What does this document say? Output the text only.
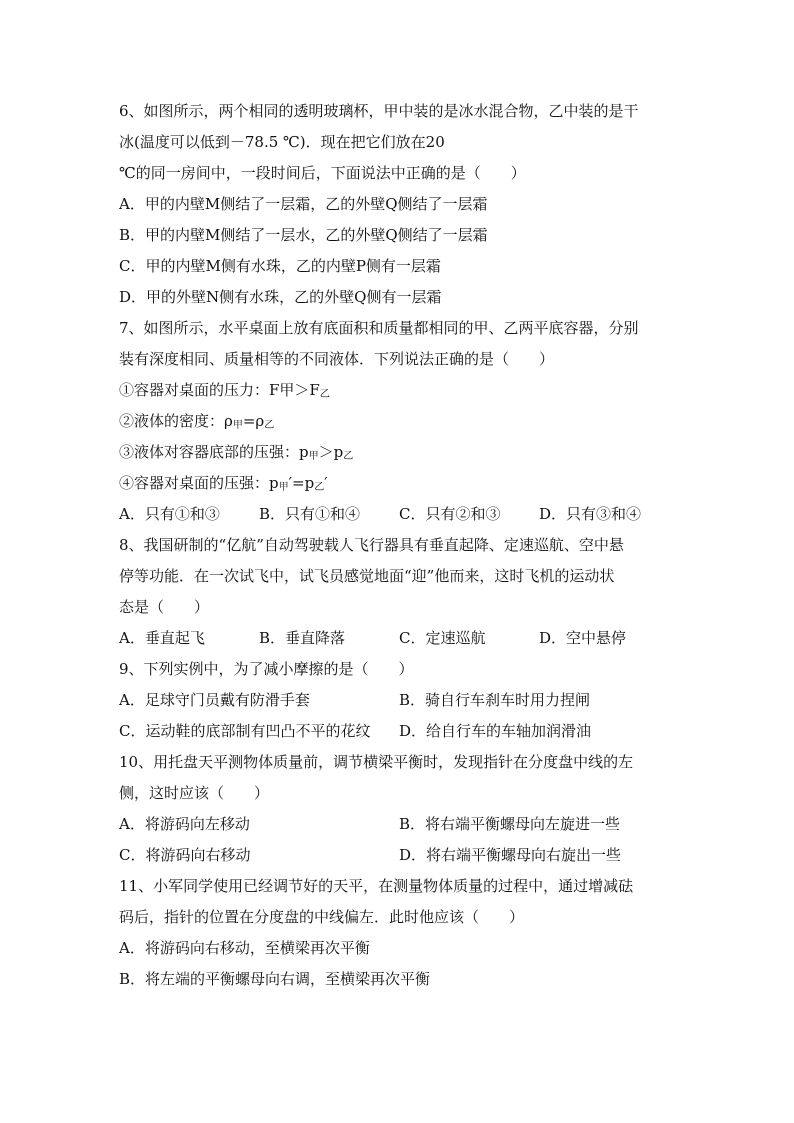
6、如图所示，两个相同的透明玻璃杯，甲中装的是冰水混合物，乙中装的是干
冰(温度可以低到－78.5 ℃)．现在把它们放在20
℃的同一房间中，一段时间后，下面说法中正确的是（　　）
A．甲的内壁M侧结了一层霜，乙的外壁Q侧结了一层霜
B．甲的内壁M侧结了一层水，乙的外壁Q侧结了一层霜
C．甲的内壁M侧有水珠，乙的内壁P侧有一层霜
D．甲的外壁N侧有水珠，乙的外壁Q侧有一层霜
7、如图所示，水平桌面上放有底面积和质量都相同的甲、乙两平底容器，分别
装有深度相同、质量相等的不同液体．下列说法正确的是（　　）
①容器对桌面的压力：F甲$>F_乙$
②液体的密度：$\rho_甲=\rho_乙$
③液体对容器底部的压强：$p_甲>p_乙$
④容器对桌面的压强：$p_甲'=p_乙'$
A．只有①和③	B．只有①和④	C．只有②和③	D．只有③和④
8、我国研制的“亿航”自动驾驶载人飞行器具有垂直起降、定速巡航、空中悬
停等功能．在一次试飞中，试飞员感觉地面“迎”他而来，这时飞机的运动状
态是（　　）
A．垂直起飞	B．垂直降落	C．定速巡航	D．空中悬停
9、下列实例中，为了减小摩擦的是（　　）
A．足球守门员戴有防滑手套	B．骑自行车刹车时用力捏闸
C．运动鞋的底部制有凹凸不平的花纹	D．给自行车的车轴加润滑油
10、用托盘天平测物体质量前，调节横梁平衡时，发现指针在分度盘中线的左
侧，这时应该（　　）
A．将游码向左移动	B．将右端平衡螺母向左旋进一些
C．将游码向右移动	D．将右端平衡螺母向右旋出一些
11、小军同学使用已经调节好的天平，在测量物体质量的过程中，通过增减砝
码后，指针的位置在分度盘的中线偏左．此时他应该（　　）
A．将游码向右移动，至横梁再次平衡
B．将左端的平衡螺母向右调，至横梁再次平衡
